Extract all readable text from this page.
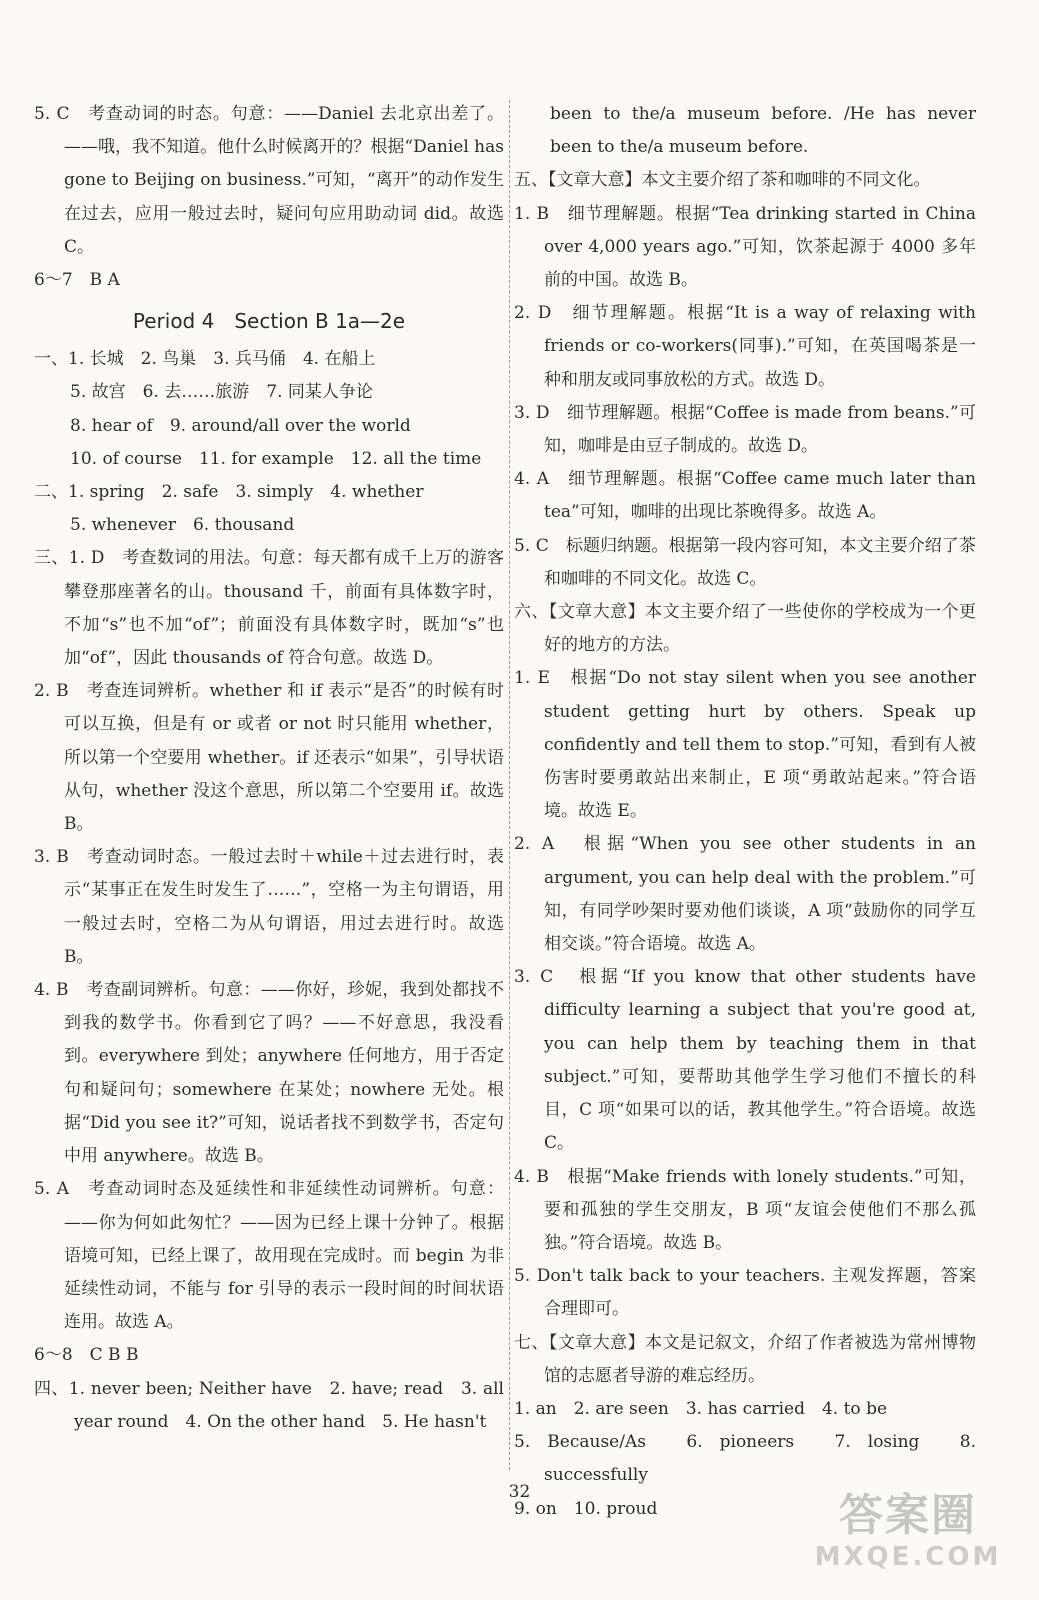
5. C　考查动词的时态。句意：——Daniel 去北京出差了。——哦，我不知道。他什么时候离开的？根据“Daniel has gone to Beijing on business.”可知，“离开”的动作发生在过去，应用一般过去时，疑问句应用助动词 did。故选 C。

6～7　B A

Period 4　Section B 1a—2e

一、1. 长城　2. 鸟巢　3. 兵马俑　4. 在船上

5. 故宫　6. 去……旅游　7. 同某人争论

8. hear of　9. around/all over the world

10. of course　11. for example　12. all the time

二、1. spring　2. safe　3. simply　4. whether

5. whenever　6. thousand

三、1. D　考查数词的用法。句意：每天都有成千上万的游客攀登那座著名的山。thousand 千，前面有具体数字时，不加“s”也不加“of”；前面没有具体数字时，既加“s”也加“of”，因此 thousands of 符合句意。故选 D。

2. B　考查连词辨析。whether 和 if 表示“是否”的时候有时可以互换，但是有 or 或者 or not 时只能用 whether，所以第一个空要用 whether。if 还表示“如果”，引导状语从句，whether 没这个意思，所以第二个空要用 if。故选 B。

3. B　考查动词时态。一般过去时＋while＋过去进行时，表示“某事正在发生时发生了……”，空格一为主句谓语，用一般过去时，空格二为从句谓语，用过去进行时。故选 B。

4. B　考查副词辨析。句意：——你好，珍妮，我到处都找不到我的数学书。你看到它了吗？——不好意思，我没看到。everywhere 到处；anywhere 任何地方，用于否定句和疑问句；somewhere 在某处；nowhere 无处。根据“Did you see it?”可知，说话者找不到数学书，否定句中用 anywhere。故选 B。

5. A　考查动词时态及延续性和非延续性动词辨析。句意：——你为何如此匆忙？——因为已经上课十分钟了。根据语境可知，已经上课了，故用现在完成时。而 begin 为非延续性动词，不能与 for 引导的表示一段时间的时间状语连用。故选 A。

6～8　C B B

四、1. never been; Neither have　2. have; read　3. all year round　4. On the other hand　5. He hasn't

been to the/a museum before. /He has never been to the/a museum before.

五、【文章大意】本文主要介绍了茶和咖啡的不同文化。

1. B　细节理解题。根据“Tea drinking started in China over 4,000 years ago.”可知，饮茶起源于 4000 多年前的中国。故选 B。

2. D　细节理解题。根据“It is a way of relaxing with friends or co-workers(同事).”可知，在英国喝茶是一种和朋友或同事放松的方式。故选 D。

3. D　细节理解题。根据“Coffee is made from beans.”可知，咖啡是由豆子制成的。故选 D。

4. A　细节理解题。根据“Coffee came much later than tea”可知，咖啡的出现比茶晚得多。故选 A。

5. C　标题归纳题。根据第一段内容可知，本文主要介绍了茶和咖啡的不同文化。故选 C。

六、【文章大意】本文主要介绍了一些使你的学校成为一个更好的地方的方法。

1. E　根据“Do not stay silent when you see another student getting hurt by others. Speak up confidently and tell them to stop.”可知，看到有人被伤害时要勇敢站出来制止，E 项“勇敢站起来。”符合语境。故选 E。

2. A　根据“When you see other students in an argument, you can help deal with the problem.”可知，有同学吵架时要劝他们谈谈，A 项“鼓励你的同学互相交谈。”符合语境。故选 A。

3. C　根据“If you know that other students have difficulty learning a subject that you're good at, you can help them by teaching them in that subject.”可知，要帮助其他学生学习他们不擅长的科目，C 项“如果可以的话，教其他学生。”符合语境。故选 C。

4. B　根据“Make friends with lonely students.”可知，要和孤独的学生交朋友，B 项“友谊会使他们不那么孤独。”符合语境。故选 B。

5. Don't talk back to your teachers. 主观发挥题，答案合理即可。

七、【文章大意】本文是记叙文，介绍了作者被选为常州博物馆的志愿者导游的难忘经历。

1. an　2. are seen　3. has carried　4. to be

5. Because/As　6. pioneers　7. losing　8. successfully

9. on　10. proud

32	答案圈
MXQE.COM
